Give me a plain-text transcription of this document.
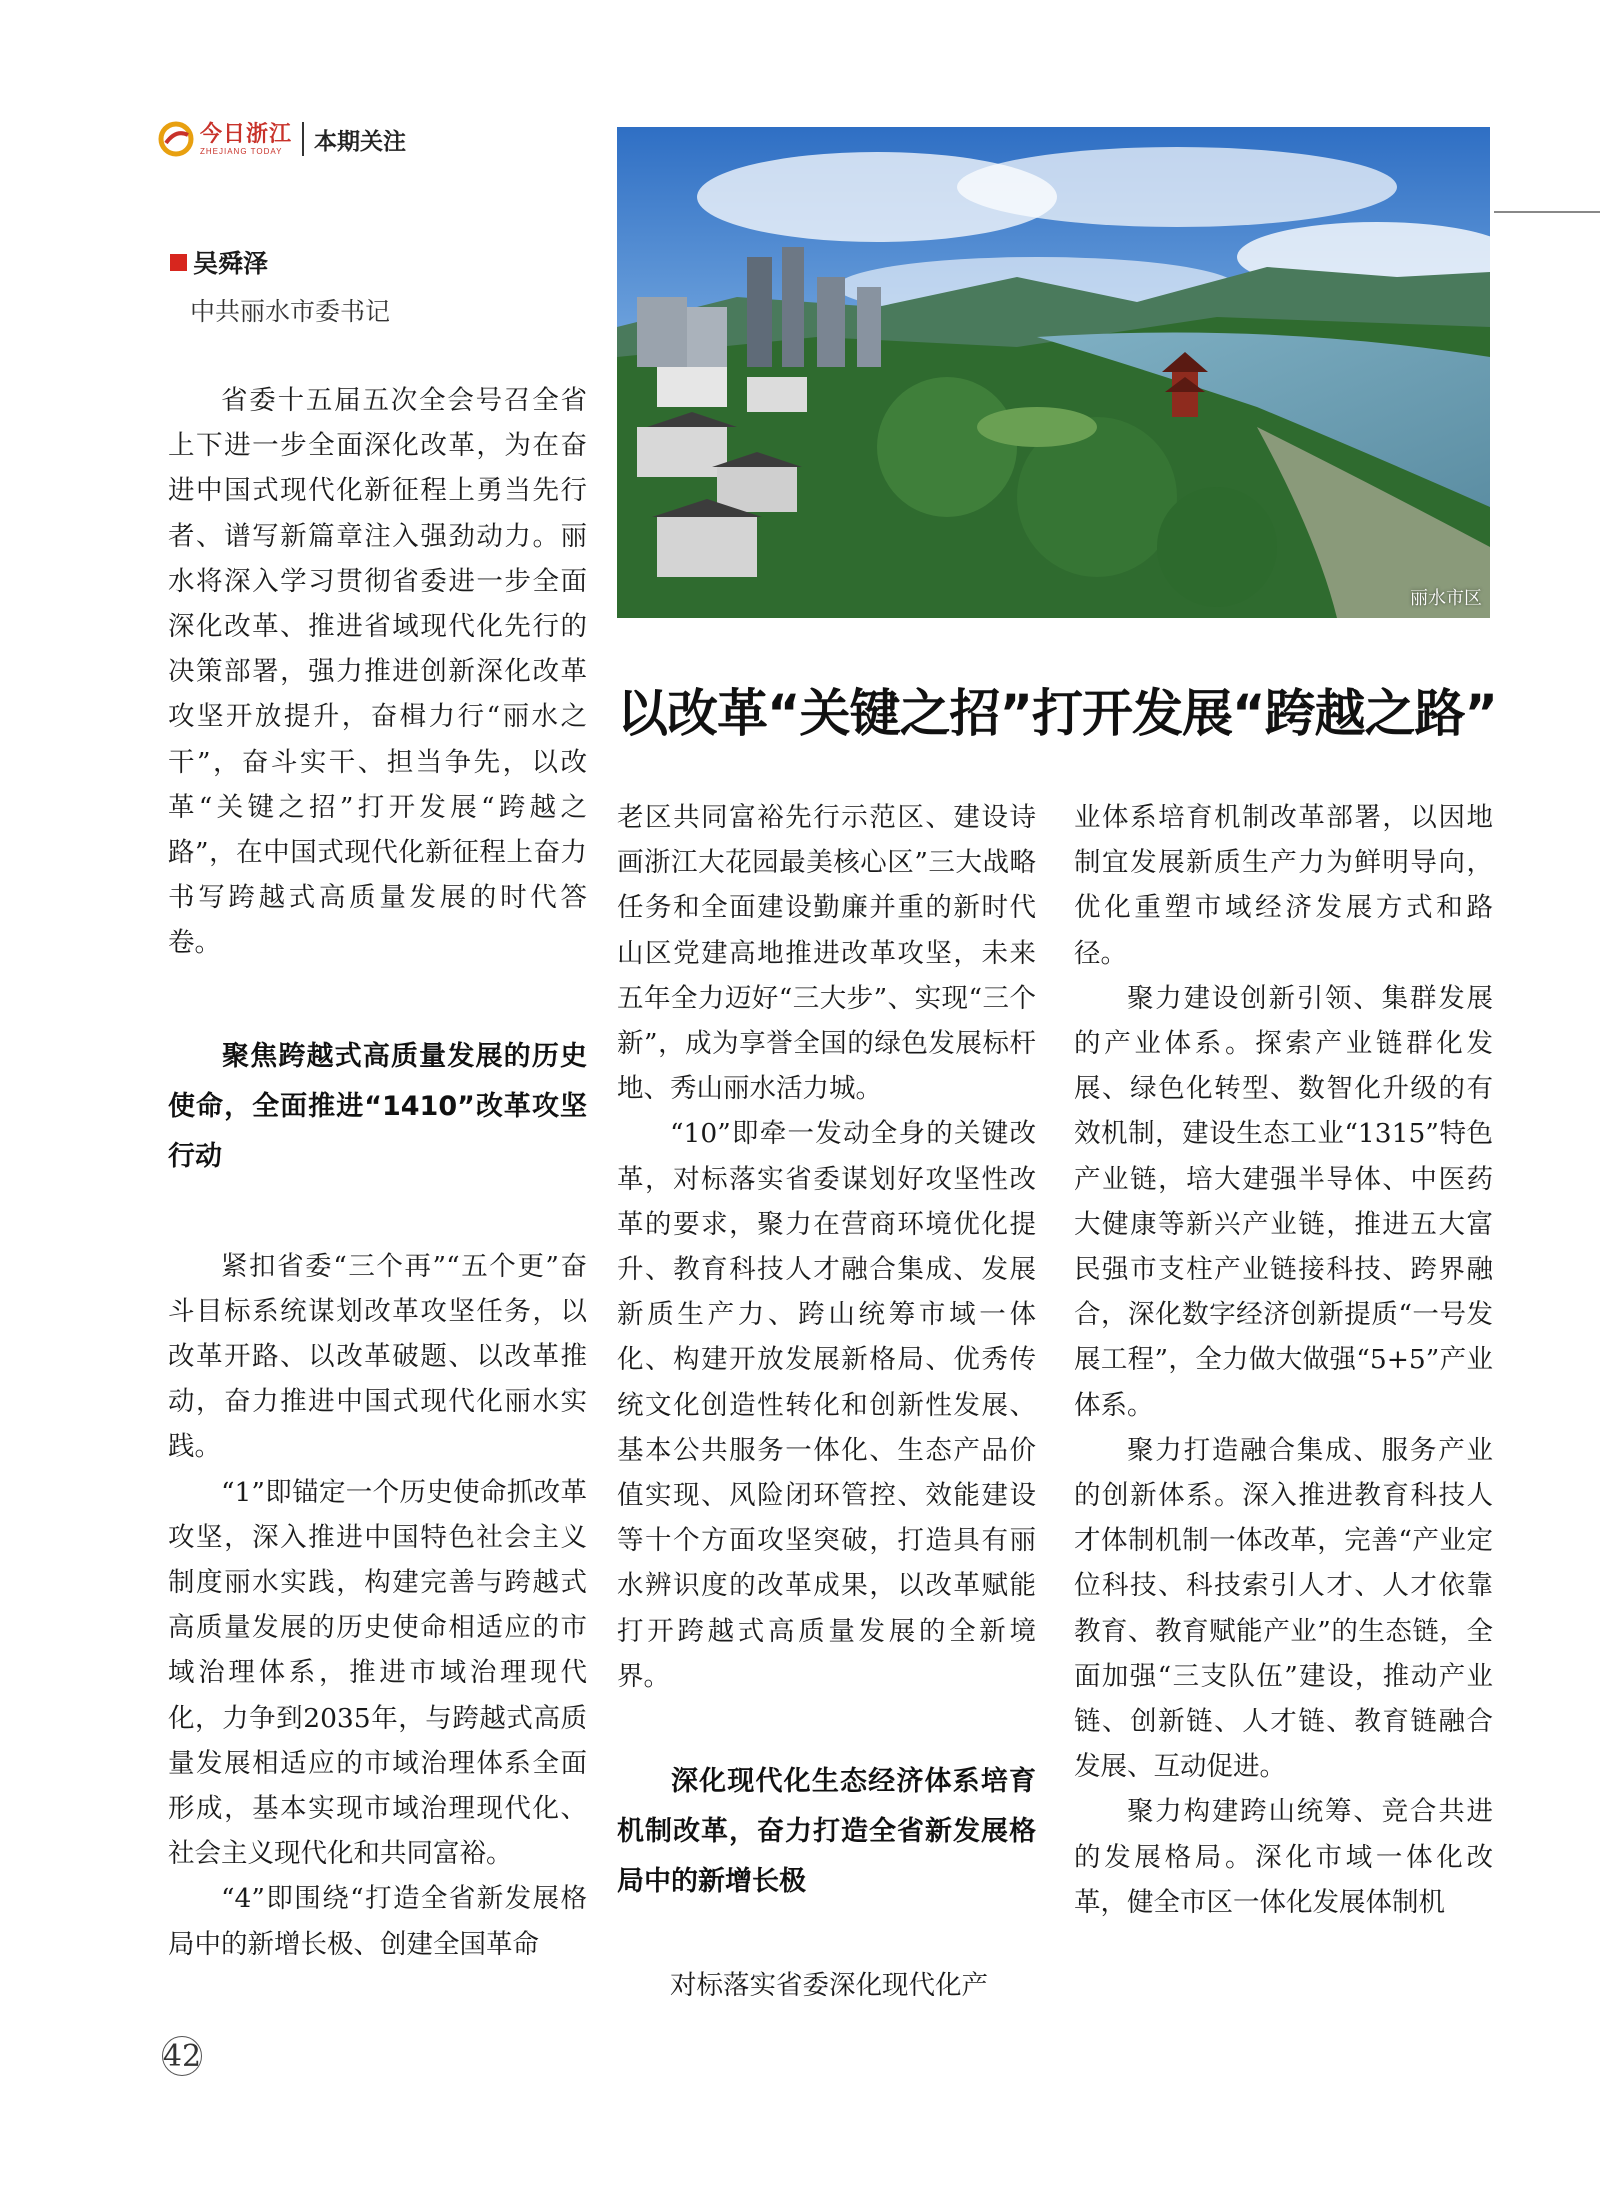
今日浙江
ZHEJIANG TODAY	本期关注
丽水市区
吴舜泽
中共丽水市委书记
以改革“关键之招”打开发展“跨越之路”

省委十五届五次全会号召全省上下进一步全面深化改革，为在奋进中国式现代化新征程上勇当先行者、谱写新篇章注入强劲动力。丽水将深入学习贯彻省委进一步全面深化改革、推进省域现代化先行的决策部署，强力推进创新深化改革攻坚开放提升，奋楫力行“丽水之干”，奋斗实干、担当争先，以改革“关键之招”打开发展“跨越之路”，在中国式现代化新征程上奋力书写跨越式高质量发展的时代答卷。

聚焦跨越式高质量发展的历史使命，全面推进“1410”改革攻坚行动

紧扣省委“三个再”“五个更”奋斗目标系统谋划改革攻坚任务，以改革开路、以改革破题、以改革推动，奋力推进中国式现代化丽水实践。

“1”即锚定一个历史使命抓改革攻坚，深入推进中国特色社会主义制度丽水实践，构建完善与跨越式高质量发展的历史使命相适应的市域治理体系，推进市域治理现代化，力争到2035年，与跨越式高质量发展相适应的市域治理体系全面形成，基本实现市域治理现代化、社会主义现代化和共同富裕。

“4”即围绕“打造全省新发展格局中的新增长极、创建全国革命

老区共同富裕先行示范区、建设诗画浙江大花园最美核心区”三大战略任务和全面建设勤廉并重的新时代山区党建高地推进改革攻坚，未来五年全力迈好“三大步”、实现“三个新”，成为享誉全国的绿色发展标杆地、秀山丽水活力城。

“10”即牵一发动全身的关键改革，对标落实省委谋划好攻坚性改革的要求，聚力在营商环境优化提升、教育科技人才融合集成、发展新质生产力、跨山统筹市域一体化、构建开放发展新格局、优秀传统文化创造性转化和创新性发展、基本公共服务一体化、生态产品价值实现、风险闭环管控、效能建设等十个方面攻坚突破，打造具有丽水辨识度的改革成果，以改革赋能打开跨越式高质量发展的全新境界。

深化现代化生态经济体系培育机制改革，奋力打造全省新发展格局中的新增长极

对标落实省委深化现代化产

业体系培育机制改革部署，以因地制宜发展新质生产力为鲜明导向，优化重塑市域经济发展方式和路径。

聚力建设创新引领、集群发展的产业体系。探索产业链群化发展、绿色化转型、数智化升级的有效机制，建设生态工业“1315”特色产业链，培大建强半导体、中医药大健康等新兴产业链，推进五大富民强市支柱产业链接科技、跨界融合，深化数字经济创新提质“一号发展工程”，全力做大做强“5+5”产业体系。

聚力打造融合集成、服务产业的创新体系。深入推进教育科技人才体制机制一体改革，完善“产业定位科技、科技索引人才、人才依靠教育、教育赋能产业”的生态链，全面加强“三支队伍”建设，推动产业链、创新链、人才链、教育链融合发展、互动促进。

聚力构建跨山统筹、竞合共进的发展格局。深化市域一体化改革，健全市区一体化发展体制机

42
